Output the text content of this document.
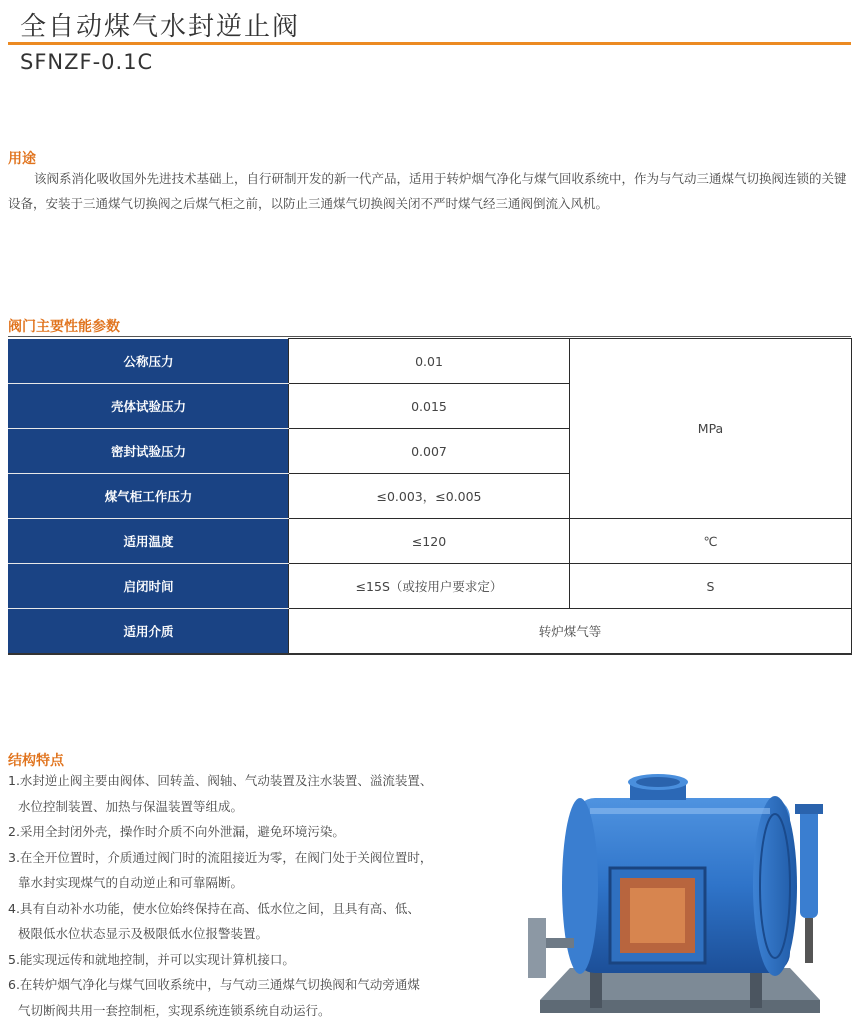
全自动煤气水封逆止阀
SFNZF-0.1C
用途
该阀系消化吸收国外先进技术基础上，自行研制开发的新一代产品，适用于转炉烟气净化与煤气回收系统中，作为与气动三通煤气切换阀连锁的关键设备，安装于三通煤气切换阀之后煤气柜之前，以防止三通煤气切换阀关闭不严时煤气经三通阀倒流入风机。
阀门主要性能参数
公称压力	0.01	MPa
壳体试验压力	0.015	
密封试验压力	0.007	
煤气柜工作压力	≤0.003，≤0.005	
适用温度	≤120	℃
启闭时间	≤15S（或按用户要求定）	S
适用介质	转炉煤气等	
结构特点
1.水封逆止阀主要由阀体、回转盖、阀轴、气动装置及注水装置、溢流装置、
水位控制装置、加热与保温装置等组成。
2.采用全封闭外壳，操作时介质不向外泄漏，避免环境污染。
3.在全开位置时，介质通过阀门时的流阻接近为零，在阀门处于关阀位置时，
靠水封实现煤气的自动逆止和可靠隔断。
4.具有自动补水功能，使水位始终保持在高、低水位之间，且具有高、低、
极限低水位状态显示及极限低水位报警装置。
5.能实现远传和就地控制，并可以实现计算机接口。
6.在转炉烟气净化与煤气回收系统中，与气动三通煤气切换阀和气动旁通煤
气切断阀共用一套控制柜，实现系统连锁系统自动运行。
